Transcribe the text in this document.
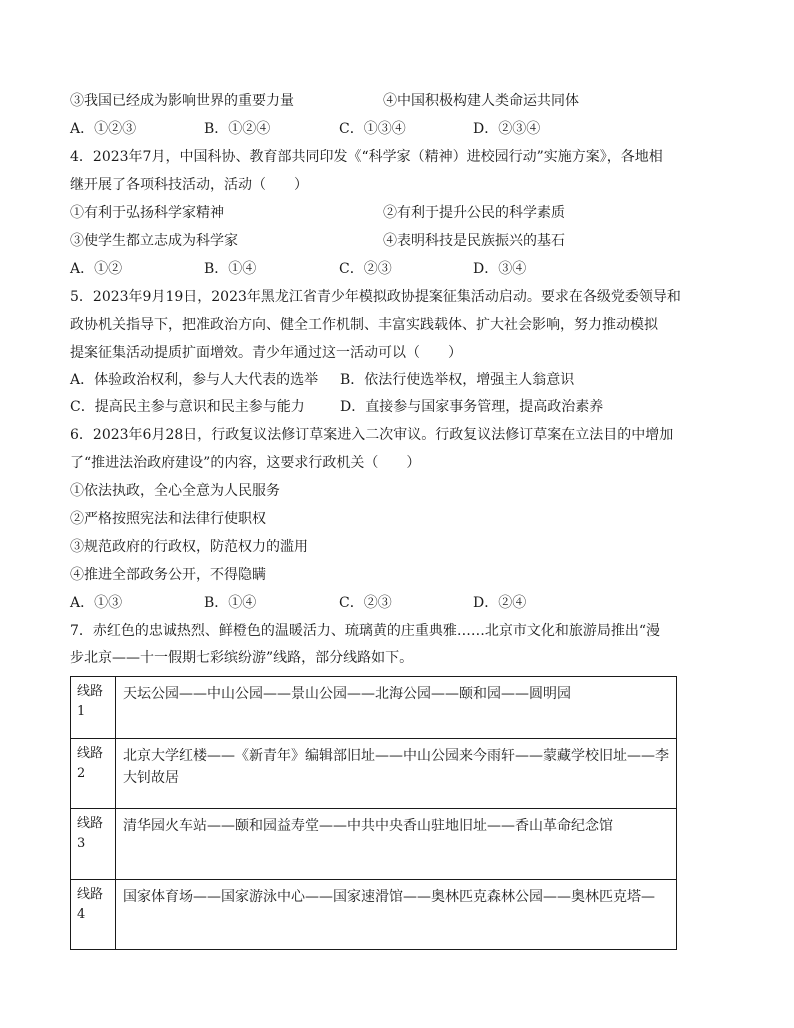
③我国已经成为影响世界的重要力量	④中国积极构建人类命运共同体
A．①②③	B．①②④	C．①③④	D．②③④
4．2023年7月，中国科协、教育部共同印发《“科学家（精神）进校园行动”实施方案》，各地相
继开展了各项科技活动，活动（　　）
①有利于弘扬科学家精神	②有利于提升公民的科学素质
③使学生都立志成为科学家	④表明科技是民族振兴的基石
A．①②	B．①④	C．②③	D．③④
5．2023年9月19日，2023年黑龙江省青少年模拟政协提案征集活动启动。要求在各级党委领导和
政协机关指导下，把准政治方向、健全工作机制、丰富实践载体、扩大社会影响，努力推动模拟
提案征集活动提质扩面增效。青少年通过这一活动可以（　　）
A．体验政治权利，参与人大代表的选举 B．依法行使选举权，增强主人翁意识
C．提高民主参与意识和民主参与能力	D．直接参与国家事务管理，提高政治素养
6．2023年6月28日，行政复议法修订草案进入二次审议。行政复议法修订草案在立法目的中增加
了“推进法治政府建设”的内容，这要求行政机关（　　）
①依法执政，全心全意为人民服务
②严格按照宪法和法律行使职权
③规范政府的行政权，防范权力的滥用
④推进全部政务公开，不得隐瞒
A．①③	B．①④	C．②③	D．②④
7．赤红色的忠诚热烈、鲜橙色的温暖活力、琉璃黄的庄重典雅……北京市文化和旅游局推出“漫
步北京——十一假期七彩缤纷游”线路，部分线路如下。
线路1	天坛公园——中山公园——景山公园——北海公园——颐和园——圆明园
线路2	北京大学红楼——《新青年》编辑部旧址——中山公园来今雨轩——蒙藏学校旧址——李大钊故居
线路3	清华园火车站——颐和园益寿堂——中共中央香山驻地旧址——香山革命纪念馆
线路4	国家体育场——国家游泳中心——国家速滑馆——奥林匹克森林公园——奥林匹克塔—
